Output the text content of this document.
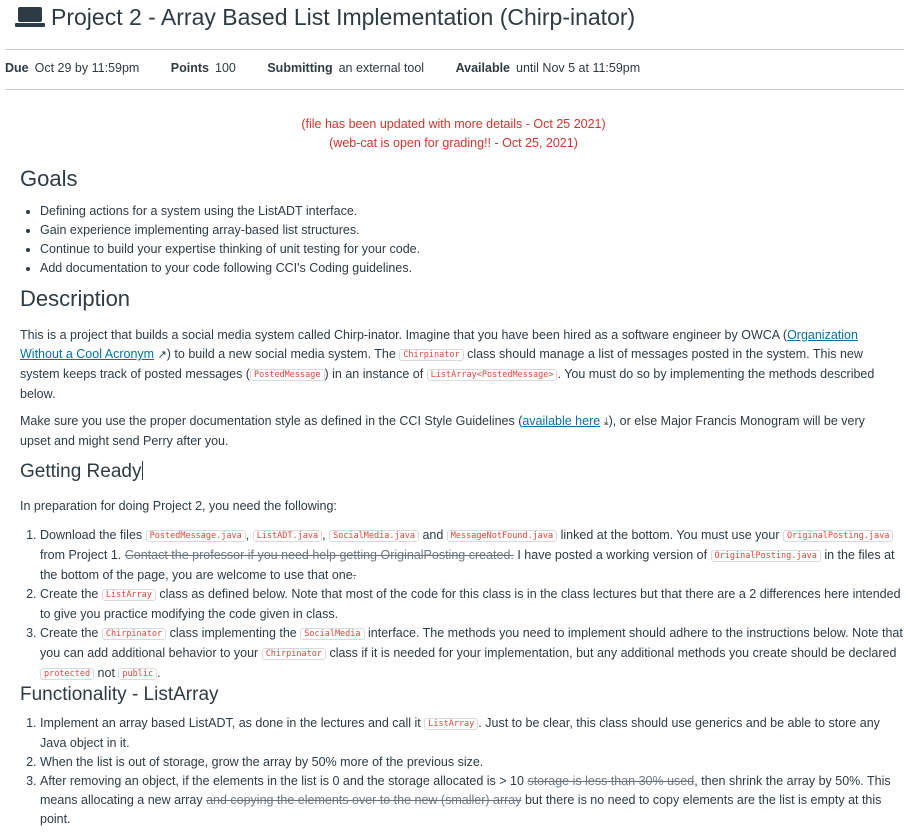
Project 2 - Array Based List Implementation (Chirp-inator)
Due Oct 29 by 11:59pm	Points 100	Submitting an external tool	Available until Nov 5 at 11:59pm
(file has been updated with more details - Oct 25 2021)
(web-cat is open for grading!! - Oct 25, 2021)
Goals
• Defining actions for a system using the ListADT interface.
• Gain experience implementing array-based list structures.
• Continue to build your expertise thinking of unit testing for your code.
• Add documentation to your code following CCI's Coding guidelines.
Description

This is a project that builds a social media system called Chirp-inator. Imagine that you have been hired as a software engineer by OWCA (Organization Without a Cool Acronym ↗) to build a new social media system. The Chirpinator class should manage a list of messages posted in the system. This new system keeps track of posted messages ( PostedMessage ) in an instance of ListArray<PostedMessage> . You must do so by implementing the methods described below.

Make sure you use the proper documentation style as defined in the CCI Style Guidelines (available here ⤓), or else Major Francis Monogram will be very upset and might send Perry after you.

Getting Ready

In preparation for doing Project 2, you need the following:

1. Download the files PostedMessage.java , ListADT.java , SocialMedia.java and MessageNotFound.java linked at the bottom. You must use your OriginalPosting.java from Project 1. Contact the professor if you need help getting OriginalPosting created. I have posted a working version of OriginalPosting.java in the files at the bottom of the page, you are welcome to use that one.
2. Create the ListArray class as defined below. Note that most of the code for this class is in the class lectures but that there are a 2 differences here intended to give you practice modifying the code given in class.
3. Create the Chirpinator class implementing the SocialMedia interface. The methods you need to implement should adhere to the instructions below. Note that you can add additional behavior to your Chirpinator class if it is needed for your implementation, but any additional methods you create should be declared protected not public .
Functionality - ListArray
1. Implement an array based ListADT, as done in the lectures and call it ListArray . Just to be clear, this class should use generics and be able to store any Java object in it.
2. When the list is out of storage, grow the array by 50% more of the previous size.
3. After removing an object, if the elements in the list is 0 and the storage allocated is > 10 storage is less than 30% used, then shrink the array by 50%. This means allocating a new array and copying the elements over to the new (smaller) array but there is no need to copy elements are the list is empty at this point.
